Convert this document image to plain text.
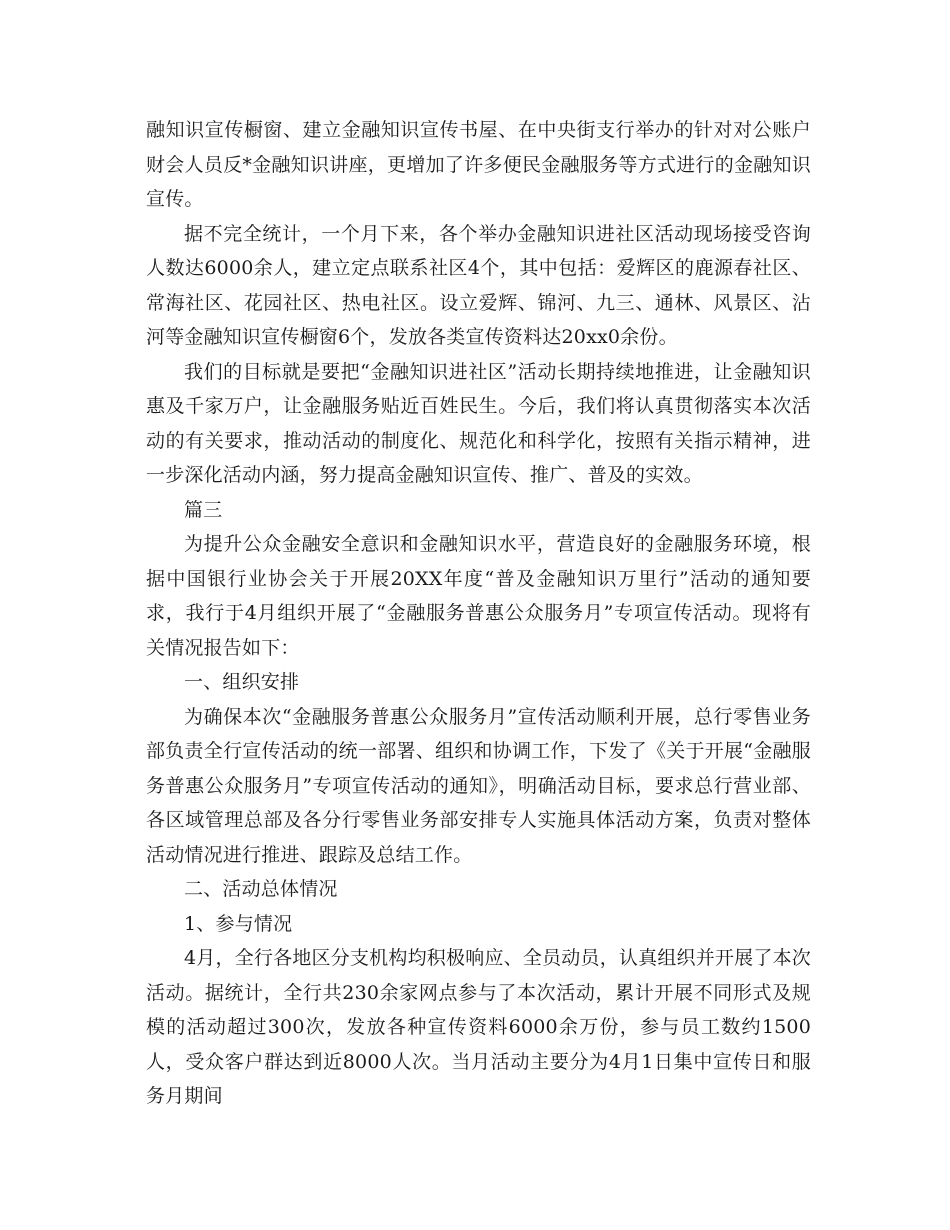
融知识宣传橱窗、建立金融知识宣传书屋、在中央街支行举办的针对对公账户财会人员反*金融知识讲座，更增加了许多便民金融服务等方式进行的金融知识宣传。

据不完全统计，一个月下来，各个举办金融知识进社区活动现场接受咨询人数达6000余人，建立定点联系社区4个，其中包括：爱辉区的鹿源春社区、常海社区、花园社区、热电社区。设立爱辉、锦河、九三、通林、风景区、沾河等金融知识宣传橱窗6个，发放各类宣传资料达20xx0余份。

我们的目标就是要把“金融知识进社区”活动长期持续地推进，让金融知识惠及千家万户，让金融服务贴近百姓民生。今后，我们将认真贯彻落实本次活动的有关要求，推动活动的制度化、规范化和科学化，按照有关指示精神，进一步深化活动内涵，努力提高金融知识宣传、推广、普及的实效。

篇三

为提升公众金融安全意识和金融知识水平，营造良好的金融服务环境，根据中国银行业协会关于开展20XX年度“普及金融知识万里行”活动的通知要求，我行于4月组织开展了“金融服务普惠公众服务月”专项宣传活动。现将有关情况报告如下：

一、组织安排

为确保本次“金融服务普惠公众服务月”宣传活动顺利开展，总行零售业务部负责全行宣传活动的统一部署、组织和协调工作，下发了《关于开展“金融服务普惠公众服务月”专项宣传活动的通知》，明确活动目标，要求总行营业部、各区域管理总部及各分行零售业务部安排专人实施具体活动方案，负责对整体活动情况进行推进、跟踪及总结工作。

二、活动总体情况

1、参与情况

4月，全行各地区分支机构均积极响应、全员动员，认真组织并开展了本次活动。据统计，全行共230余家网点参与了本次活动，累计开展不同形式及规模的活动超过300次，发放各种宣传资料6000余万份，参与员工数约1500人，受众客户群达到近8000人次。当月活动主要分为4月1日集中宣传日和服务月期间
